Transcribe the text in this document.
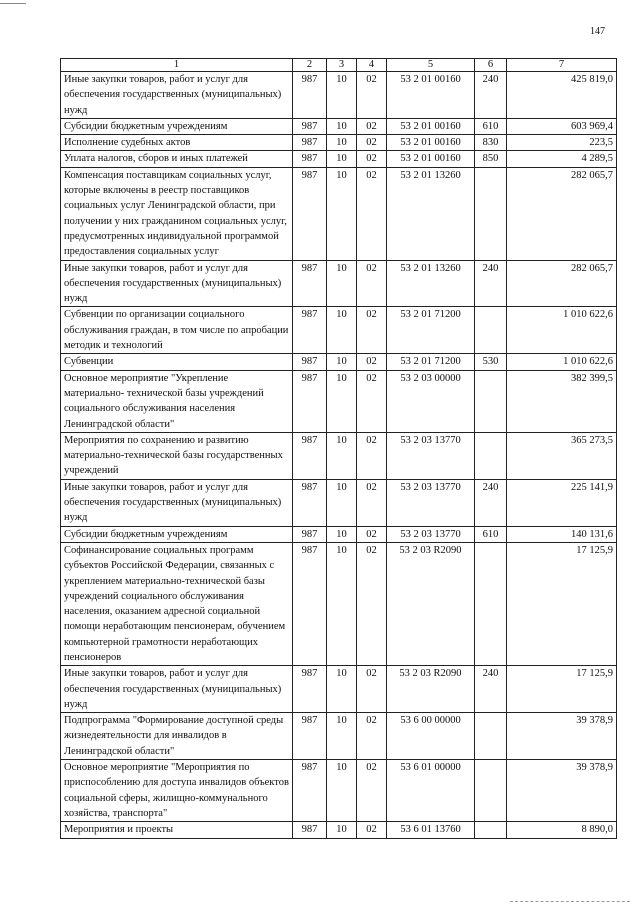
147
1	2	3	4	5	6	7
Иные закупки товаров, работ и услуг для обеспечения государственных (муниципальных) нужд	987	10	02	53 2 01 00160	240	425 819,0
Субсидии бюджетным учреждениям	987	10	02	53 2 01 00160	610	603 969,4
Исполнение судебных актов	987	10	02	53 2 01 00160	830	223,5
Уплата налогов, сборов и иных платежей	987	10	02	53 2 01 00160	850	4 289,5
Компенсация поставщикам социальных услуг, которые включены в реестр поставщиков социальных услуг Ленинградской области, при получении у них гражданином социальных услуг, предусмотренных индивидуальной программой предоставления социальных услуг	987	10	02	53 2 01 13260		282 065,7
Иные закупки товаров, работ и услуг для обеспечения государственных (муниципальных) нужд	987	10	02	53 2 01 13260	240	282 065,7
Субвенции по организации социального обслуживания граждан, в том числе по апробации методик и технологий	987	10	02	53 2 01 71200		1 010 622,6
Субвенции	987	10	02	53 2 01 71200	530	1 010 622,6
Основное мероприятие "Укрепление материально- технической базы учреждений социального обслуживания населения Ленинградской области"	987	10	02	53 2 03 00000		382 399,5
Мероприятия по сохранению и развитию материально-технической базы государственных учреждений	987	10	02	53 2 03 13770		365 273,5
Иные закупки товаров, работ и услуг для обеспечения государственных (муниципальных) нужд	987	10	02	53 2 03 13770	240	225 141,9
Субсидии бюджетным учреждениям	987	10	02	53 2 03 13770	610	140 131,6
Софинансирование социальных программ субъектов Российской Федерации, связанных с укреплением материально-технической базы учреждений социального обслуживания населения, оказанием адресной социальной помощи неработающим пенсионерам, обучением компьютерной грамотности неработающих пенсионеров	987	10	02	53 2 03 R2090		17 125,9
Иные закупки товаров, работ и услуг для обеспечения государственных (муниципальных) нужд	987	10	02	53 2 03 R2090	240	17 125,9
Подпрограмма "Формирование доступной среды жизнедеятельности для инвалидов в Ленинградской области"	987	10	02	53 6 00 00000		39 378,9
Основное мероприятие "Мероприятия по приспособлению для доступа инвалидов объектов социальной сферы, жилищно-коммунального хозяйства, транспорта"	987	10	02	53 6 01 00000		39 378,9
Мероприятия и проекты	987	10	02	53 6 01 13760		8 890,0
